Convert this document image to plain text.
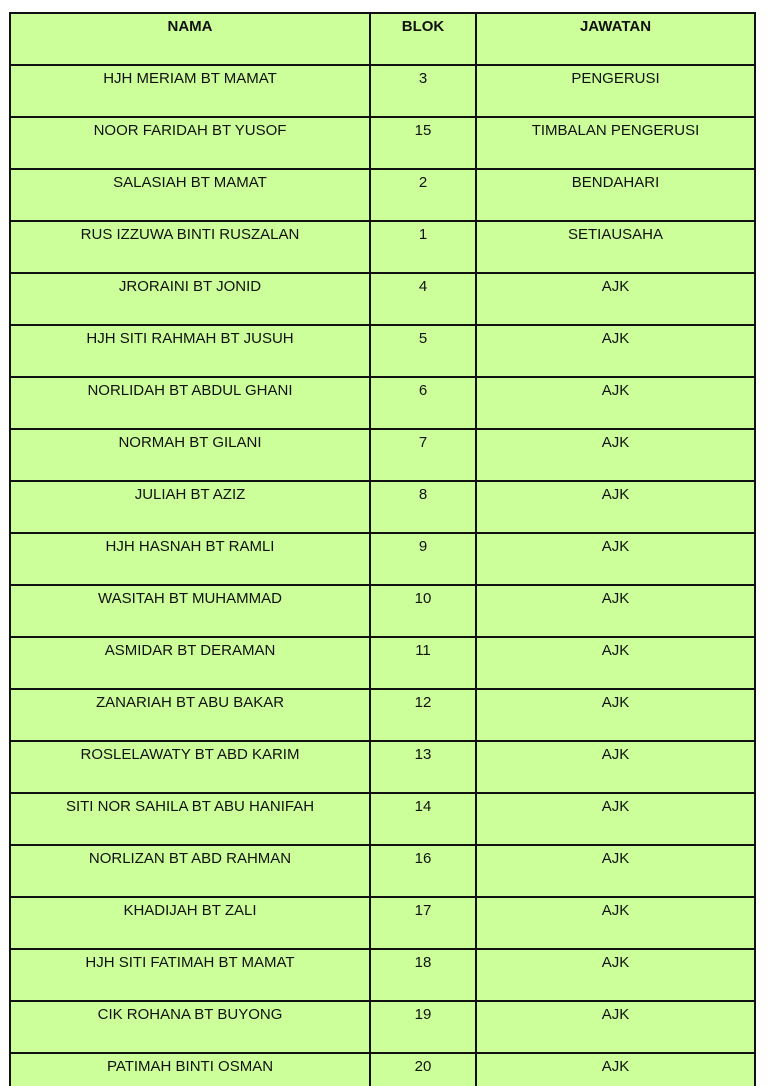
NAMA	BLOK	JAWATAN
HJH MERIAM BT MAMAT	3	PENGERUSI
NOOR FARIDAH BT YUSOF	15	TIMBALAN PENGERUSI
SALASIAH BT MAMAT	2	BENDAHARI
RUS IZZUWA BINTI RUSZALAN	1	SETIAUSAHA
JRORAINI BT JONID	4	AJK
HJH SITI RAHMAH BT JUSUH	5	AJK
NORLIDAH BT ABDUL GHANI	6	AJK
NORMAH BT GILANI	7	AJK
JULIAH BT AZIZ	8	AJK
HJH HASNAH BT RAMLI	9	AJK
WASITAH BT MUHAMMAD	10	AJK
ASMIDAR BT DERAMAN	11	AJK
ZANARIAH BT ABU BAKAR	12	AJK
ROSLELAWATY BT ABD KARIM	13	AJK
SITI NOR SAHILA BT ABU HANIFAH	14	AJK
NORLIZAN BT ABD RAHMAN	16	AJK
KHADIJAH BT ZALI	17	AJK
HJH SITI FATIMAH BT MAMAT	18	AJK
CIK ROHANA BT BUYONG	19	AJK
PATIMAH BINTI OSMAN	20	AJK
